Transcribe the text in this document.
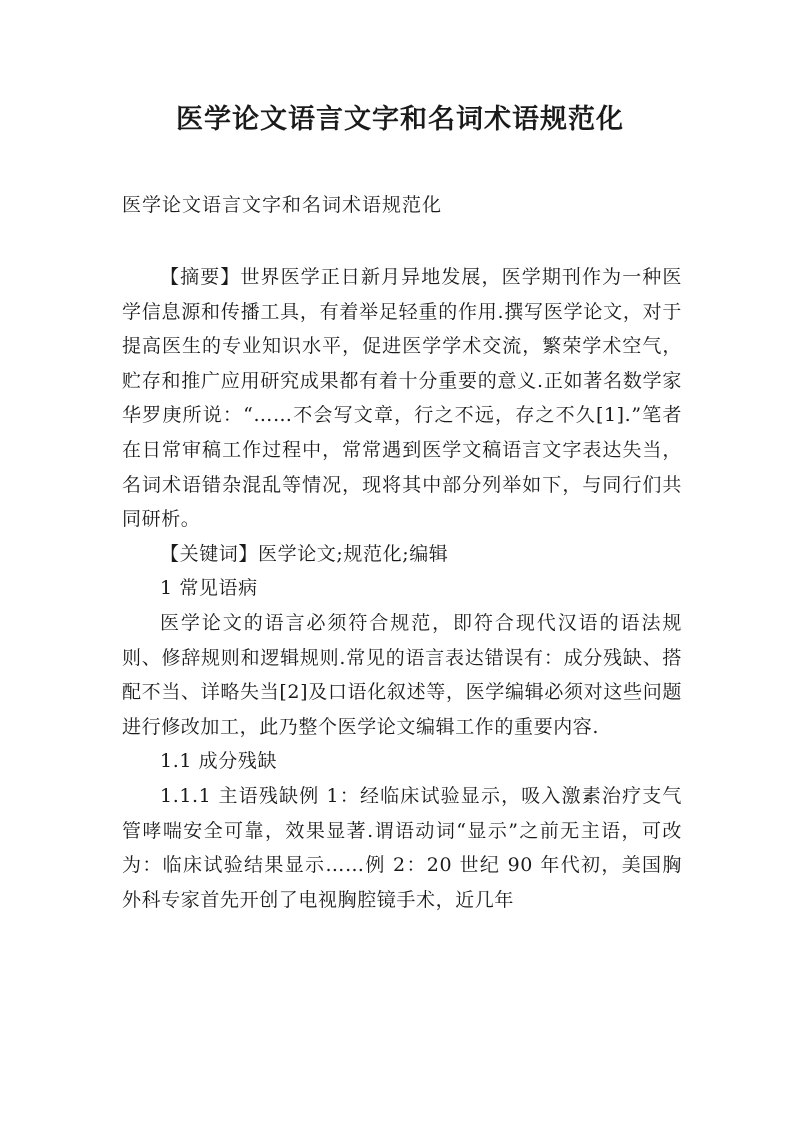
医学论文语言文字和名词术语规范化
医学论文语言文字和名词术语规范化

【摘要】世界医学正日新月异地发展，医学期刊作为一种医学信息源和传播工具，有着举足轻重的作用.撰写医学论文，对于提高医生的专业知识水平，促进医学学术交流，繁荣学术空气，贮存和推广应用研究成果都有着十分重要的意义.正如著名数学家华罗庚所说：“……不会写文章，行之不远，存之不久[1].”笔者在日常审稿工作过程中，常常遇到医学文稿语言文字表达失当，名词术语错杂混乱等情况，现将其中部分列举如下，与同行们共同研析。

【关键词】医学论文;规范化;编辑

1 常见语病

医学论文的语言必须符合规范，即符合现代汉语的语法规则、修辞规则和逻辑规则.常见的语言表达错误有：成分残缺、搭配不当、详略失当[2]及口语化叙述等，医学编辑必须对这些问题进行修改加工，此乃整个医学论文编辑工作的重要内容.

1.1 成分残缺

1.1.1 主语残缺例 1：经临床试验显示，吸入激素治疗支气管哮喘安全可靠，效果显著.谓语动词“显示”之前无主语，可改为：临床试验结果显示……例 2：20 世纪 90 年代初，美国胸外科专家首先开创了电视胸腔镜手术，近几年
